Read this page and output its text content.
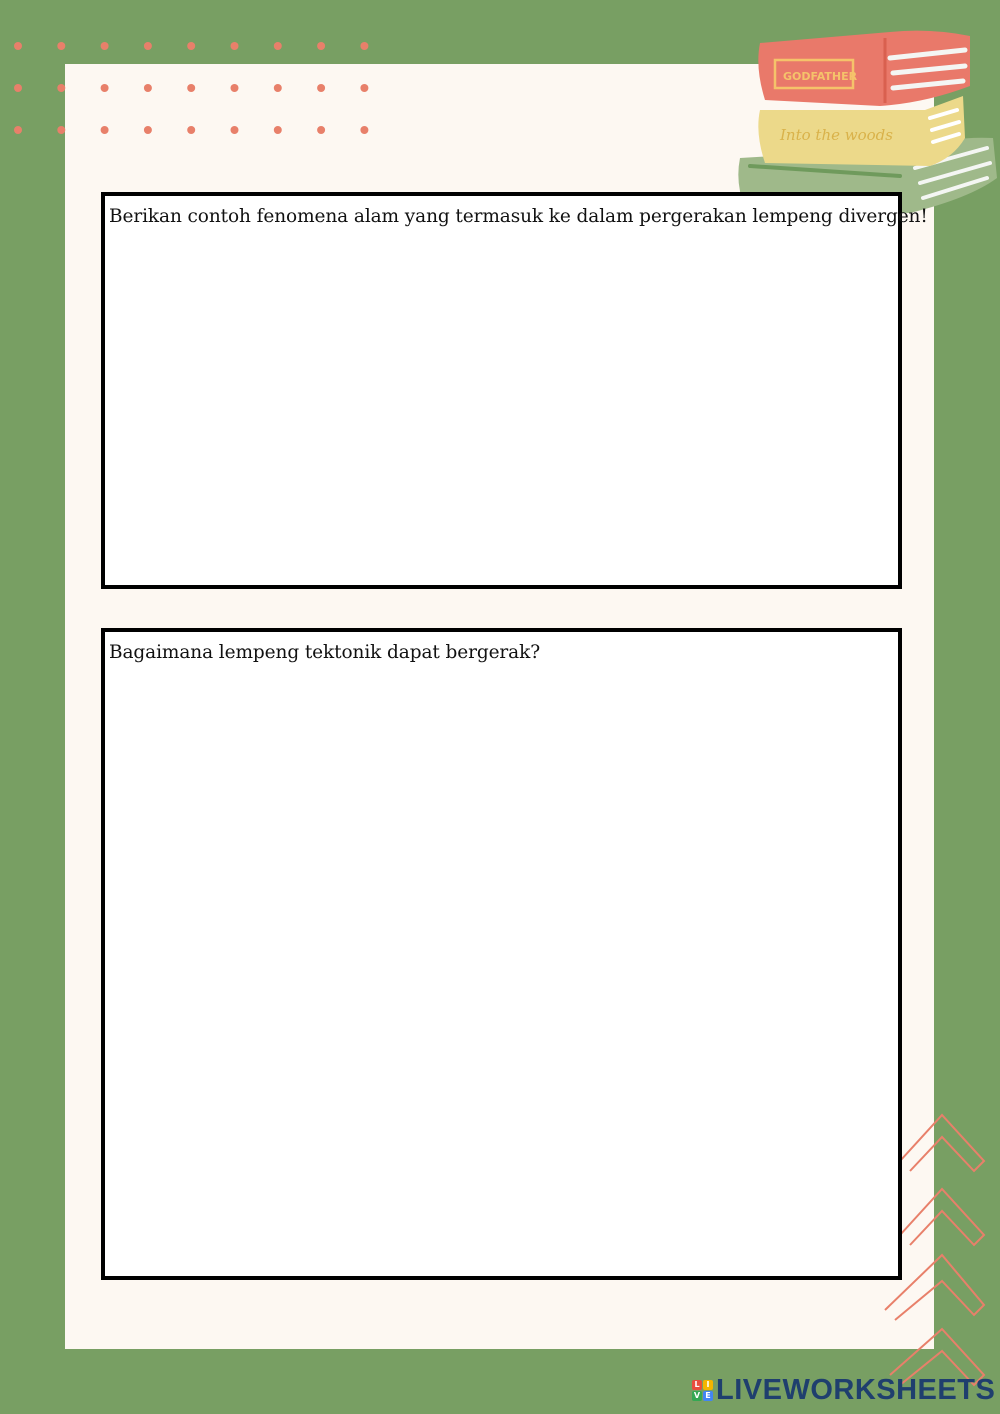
Into the woods
GODFATHER
Berikan contoh fenomena alam yang termasuk ke dalam pergerakan lempeng divergen!
Bagaimana lempeng tektonik dapat bergerak?
L I
V E LIVEWORKSHEETS
